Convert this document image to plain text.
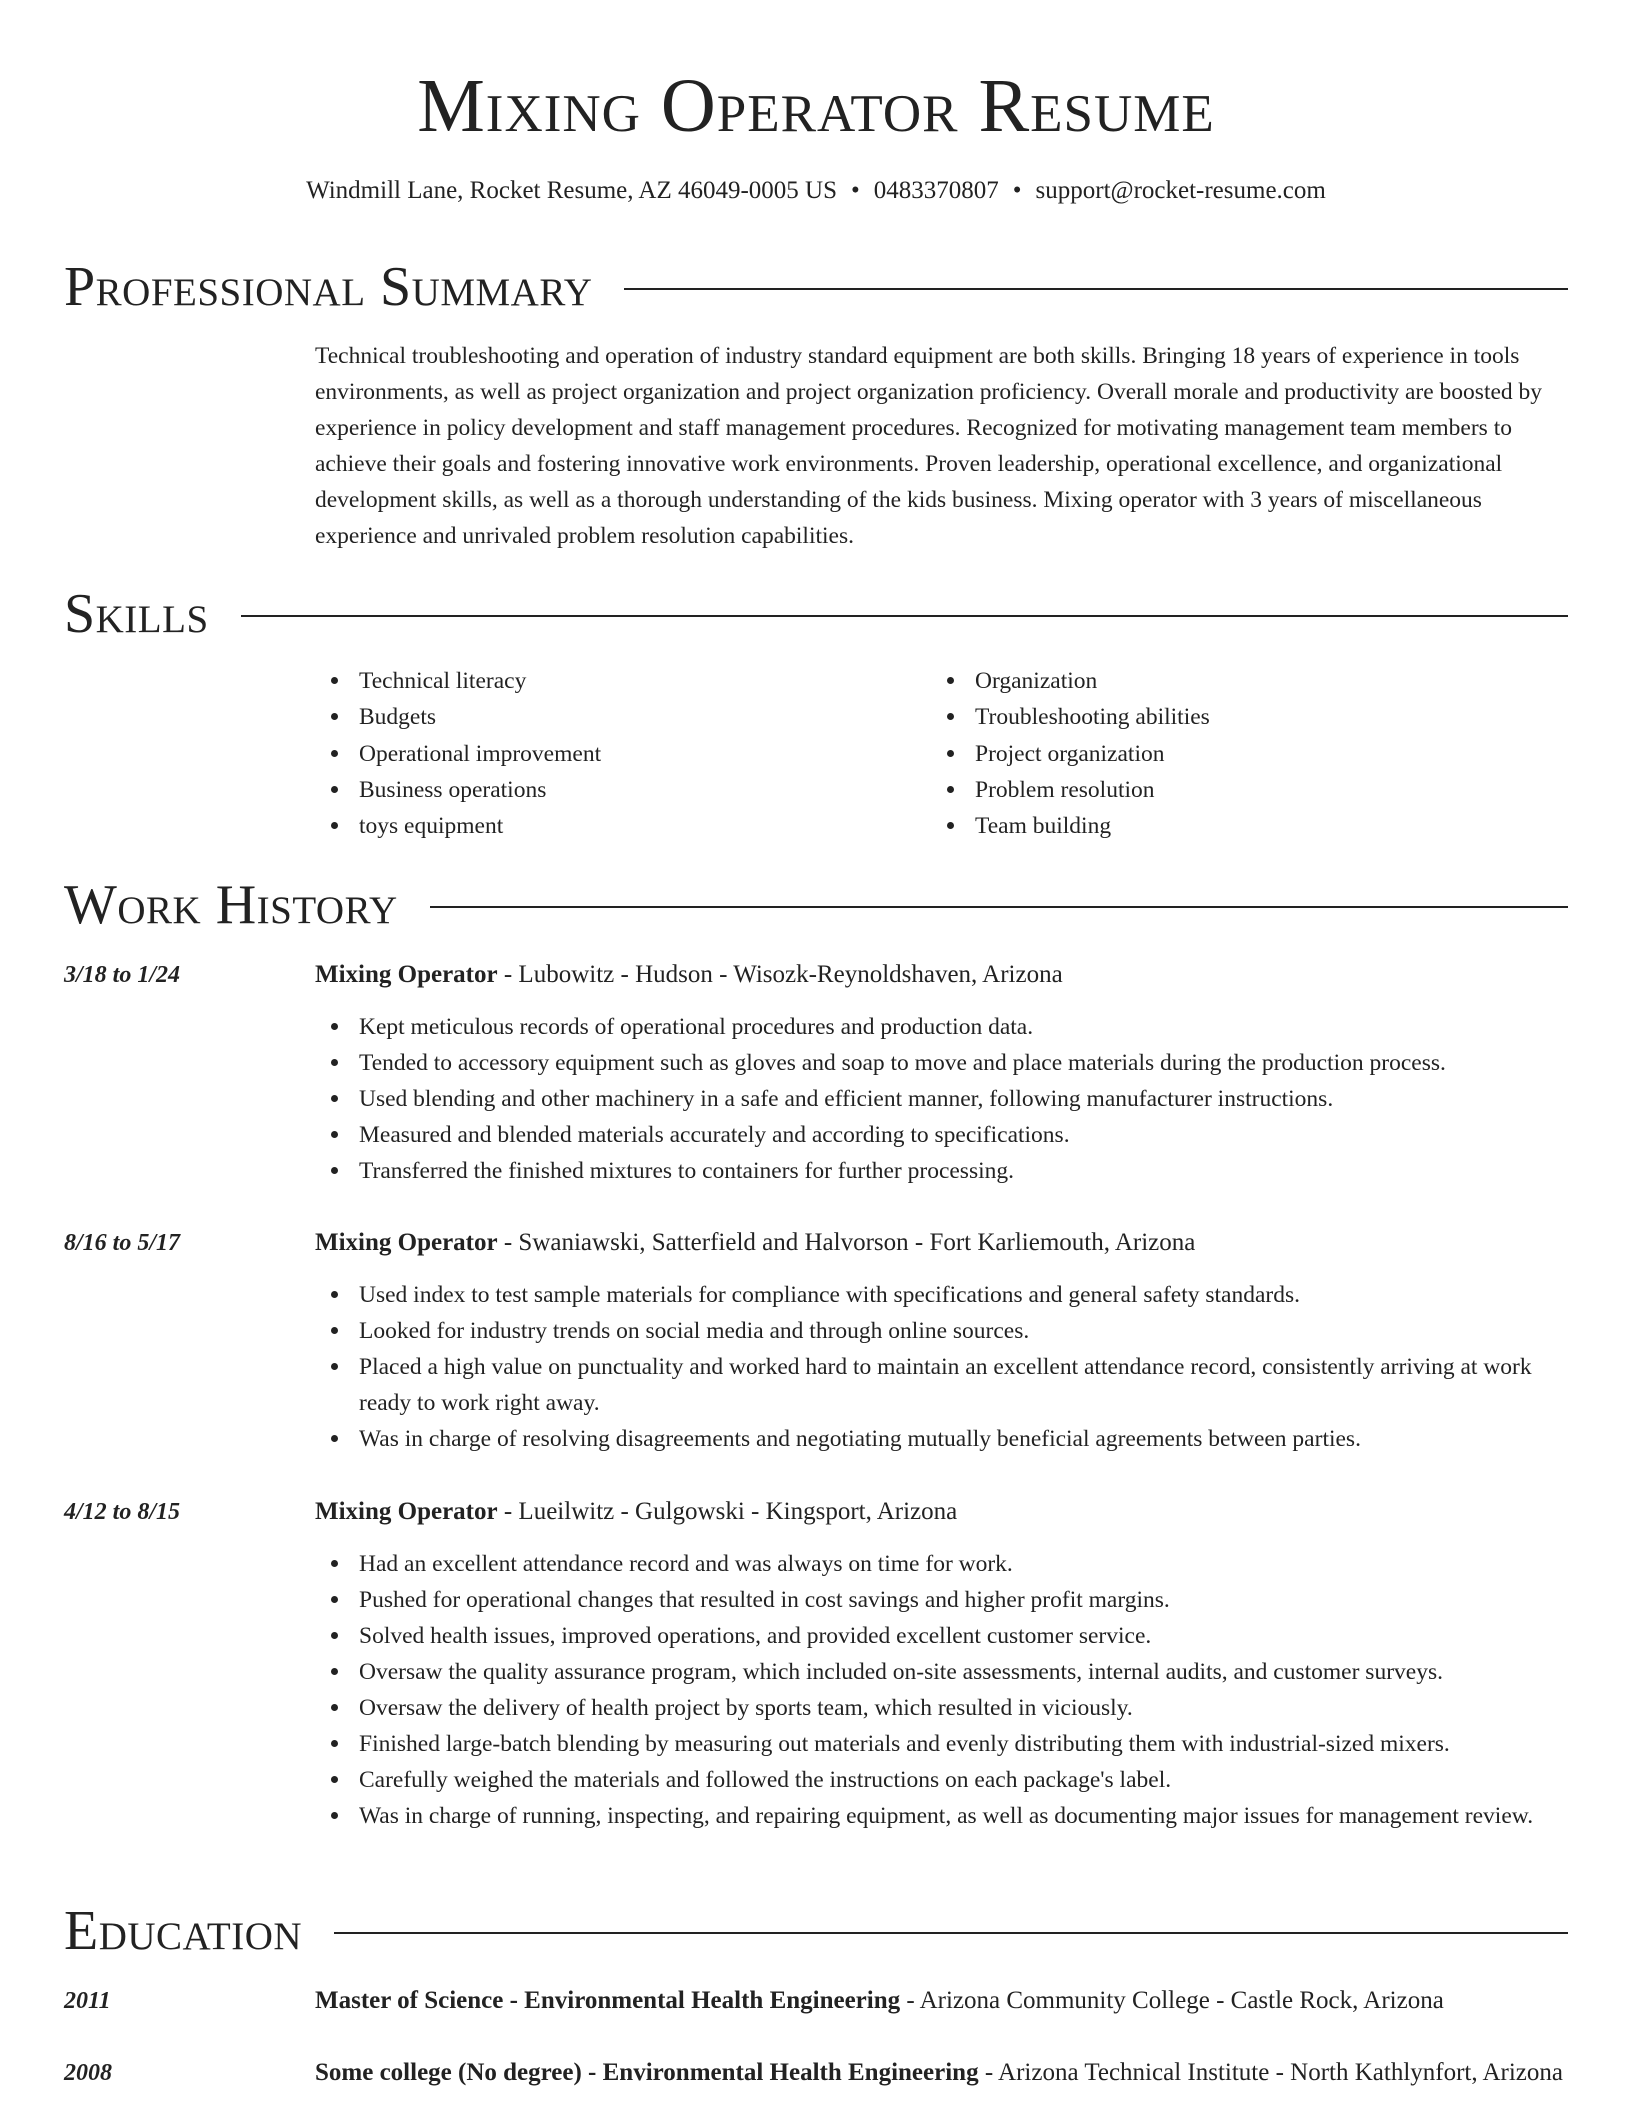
Mixing Operator Resume
Windmill Lane, Rocket Resume, AZ 46049-0005 US • 0483370807 • support@rocket-resume.com
Professional Summary

Technical troubleshooting and operation of industry standard equipment are both skills. Bringing 18 years of experience in tools environments, as well as project organization and project organization proficiency. Overall morale and productivity are boosted by experience in policy development and staff management procedures. Recognized for motivating management team members to achieve their goals and fostering innovative work environments. Proven leadership, operational excellence, and organizational development skills, as well as a thorough understanding of the kids business. Mixing operator with 3 years of miscellaneous experience and unrivaled problem resolution capabilities.

Skills
Technical literacy
Budgets
Operational improvement
Business operations
toys equipment
Organization
Troubleshooting abilities
Project organization
Problem resolution
Team building
Work History
3/18 to 1/24	Mixing Operator - Lubowitz - Hudson - Wisozk-Reynoldshaven, Arizona
Kept meticulous records of operational procedures and production data.
Tended to accessory equipment such as gloves and soap to move and place materials during the production process.
Used blending and other machinery in a safe and efficient manner, following manufacturer instructions.
Measured and blended materials accurately and according to specifications.
Transferred the finished mixtures to containers for further processing.
8/16 to 5/17	Mixing Operator - Swaniawski, Satterfield and Halvorson - Fort Karliemouth, Arizona
Used index to test sample materials for compliance with specifications and general safety standards.
Looked for industry trends on social media and through online sources.
Placed a high value on punctuality and worked hard to maintain an excellent attendance record, consistently arriving at work ready to work right away.
Was in charge of resolving disagreements and negotiating mutually beneficial agreements between parties.
4/12 to 8/15	Mixing Operator - Lueilwitz - Gulgowski - Kingsport, Arizona
Had an excellent attendance record and was always on time for work.
Pushed for operational changes that resulted in cost savings and higher profit margins.
Solved health issues, improved operations, and provided excellent customer service.
Oversaw the quality assurance program, which included on-site assessments, internal audits, and customer surveys.
Oversaw the delivery of health project by sports team, which resulted in viciously.
Finished large-batch blending by measuring out materials and evenly distributing them with industrial-sized mixers.
Carefully weighed the materials and followed the instructions on each package's label.
Was in charge of running, inspecting, and repairing equipment, as well as documenting major issues for management review.
Education
2011	Master of Science - Environmental Health Engineering - Arizona Community College - Castle Rock, Arizona
2008	Some college (No degree) - Environmental Health Engineering - Arizona Technical Institute - North Kathlynfort, Arizona
